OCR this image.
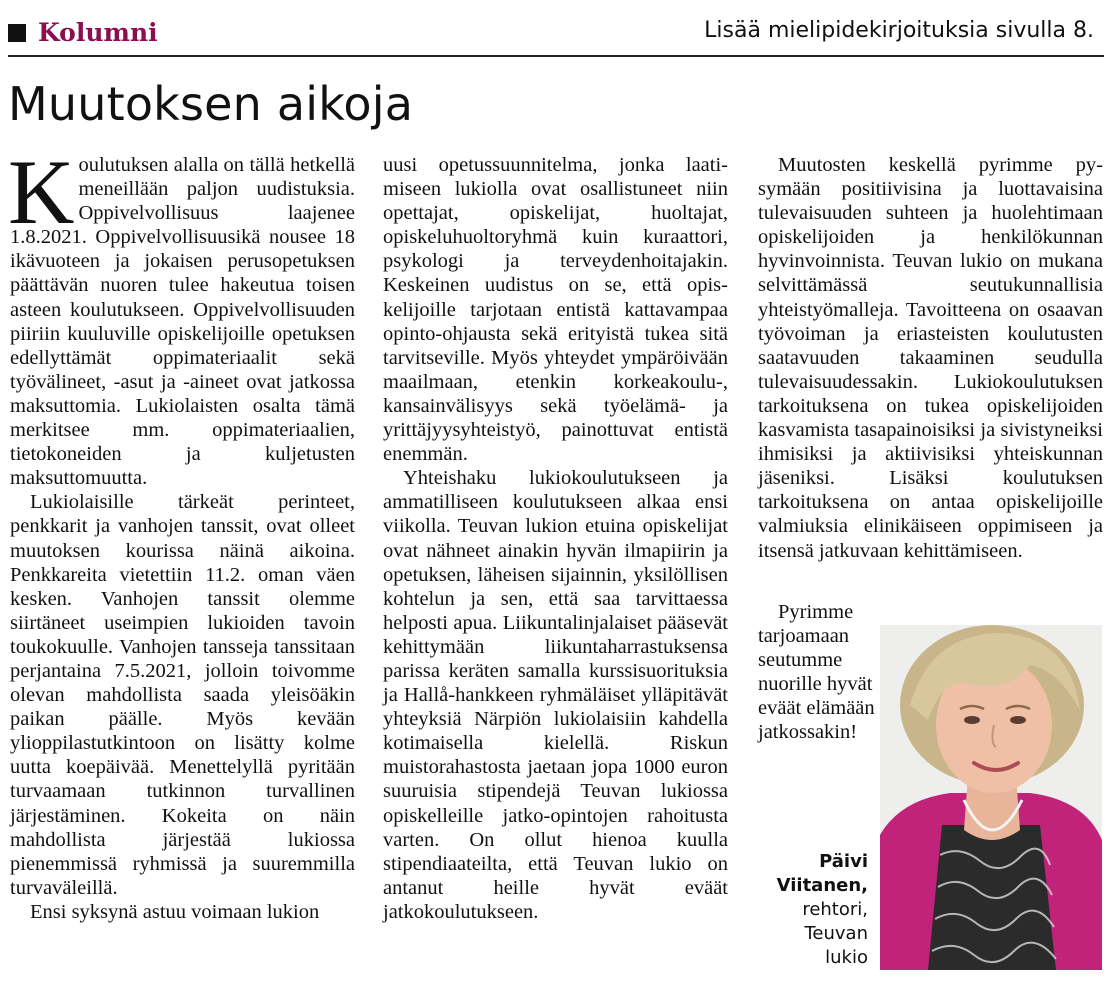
Kolumni	Lisää mielipidekirjoituksia sivulla 8.
Muutoksen aikoja

Koulutuksen alalla on tällä hetkellä meneillään paljon uudistuksia. Oppivelvollisuus laajenee 1.8.2021. Oppivelvollisuusikä nousee 18 ikävuoteen ja jokaisen perusopetuksen päättävän nuoren tulee hakeutua toisen asteen koulutukseen. Oppivelvollisuuden piiriin kuuluville opiskelijoille opetuksen edellyttämät oppimateriaalit sekä työvälineet, -asut ja -aineet ovat jatkossa maksuttomia. Lukiolaisten osalta tämä merkitsee mm. oppimateriaalien, tietokoneiden ja kuljetusten maksuttomuutta.

Lukiolaisille tärkeät perinteet, penkkarit ja vanhojen tanssit, ovat olleet muutoksen kourissa näinä aikoina. Penkkareita vietettiin 11.2. oman väen kesken. Vanhojen tanssit olemme siirtäneet useimpien lukioiden tavoin toukokuulle. Vanhojen tansseja tanssitaan perjantaina 7.5.2021, jolloin toivomme olevan mahdollista saada yleisöäkin paikan päälle. Myös kevään ylioppilastutkintoon on lisätty kolme uutta koepäivää. Menettelyllä pyritään turvaamaan tutkinnon turvallinen järjestäminen. Kokeita on näin mahdollista järjestää lukiossa pienemmissä ryhmissä ja suuremmilla turvaväleillä.

Ensi syksynä astuu voimaan lukion

uusi opetussuunnitelma, jonka laatimiseen lukiolla ovat osallistuneet niin opettajat, opiskelijat, huoltajat, opiskeluhuoltoryhmä kuin kuraattori, psykologi ja terveydenhoitajakin. Keskeinen uudistus on se, että opiskelijoille tarjotaan entistä kattavampaa opinto-ohjausta sekä erityistä tukea sitä tarvitseville. Myös yhteydet ympäröivään maailmaan, etenkin korkeakoulu-, kansainvälisyys sekä työelämä- ja yrittäjyysyhteistyö, painottuvat entistä enemmän.

Yhteishaku lukiokoulutukseen ja ammatilliseen koulutukseen alkaa ensi viikolla. Teuvan lukion etuina opiskelijat ovat nähneet ainakin hyvän ilmapiirin ja opetuksen, läheisen sijainnin, yksilöllisen kohtelun ja sen, että saa tarvittaessa helposti apua. Liikuntalinjalaiset pääsevät kehittymään liikuntaharrastuksensa parissa keräten samalla kurssisuorituksia ja Hallå-hankkeen ryhmäläiset ylläpitävät yhteyksiä Närpiön lukiolaisiin kahdella kotimaisella kielellä. Riskun muistorahastosta jaetaan jopa 1000 euron suuruisia stipendejä Teuvan lukiossa opiskelleille jatko-opintojen rahoitusta varten. On ollut hienoa kuulla stipendiaateilta, että Teuvan lukio on antanut heille hyvät eväät jatkokoulutukseen.

Muutosten keskellä pyrimme pysymään positiivisina ja luottavaisina tulevaisuuden suhteen ja huolehtimaan opiskelijoiden ja henkilökunnan hyvinvoinnista. Teuvan lukio on mukana selvittämässä seutukunnallisia yhteistyömalleja. Tavoitteena on osaavan työvoiman ja eriasteisten koulutusten saatavuuden takaaminen seudulla tulevaisuudessakin. Lukiokoulutuksen tarkoituksena on tukea opiskelijoiden kasvamista tasapainoisiksi ja sivistyneiksi ihmisiksi ja aktiivisiksi yhteiskunnan jäseniksi. Lisäksi koulutuksen tarkoituksena on antaa opiskelijoille valmiuksia elinikäiseen oppimiseen ja itsensä jatkuvaan kehittämiseen.

Pyrimme tarjoamaan seutumme nuorille hyvät eväät elämään jatkossakin!

Päivi
Viitanen,
rehtori,
Teuvan
lukio
